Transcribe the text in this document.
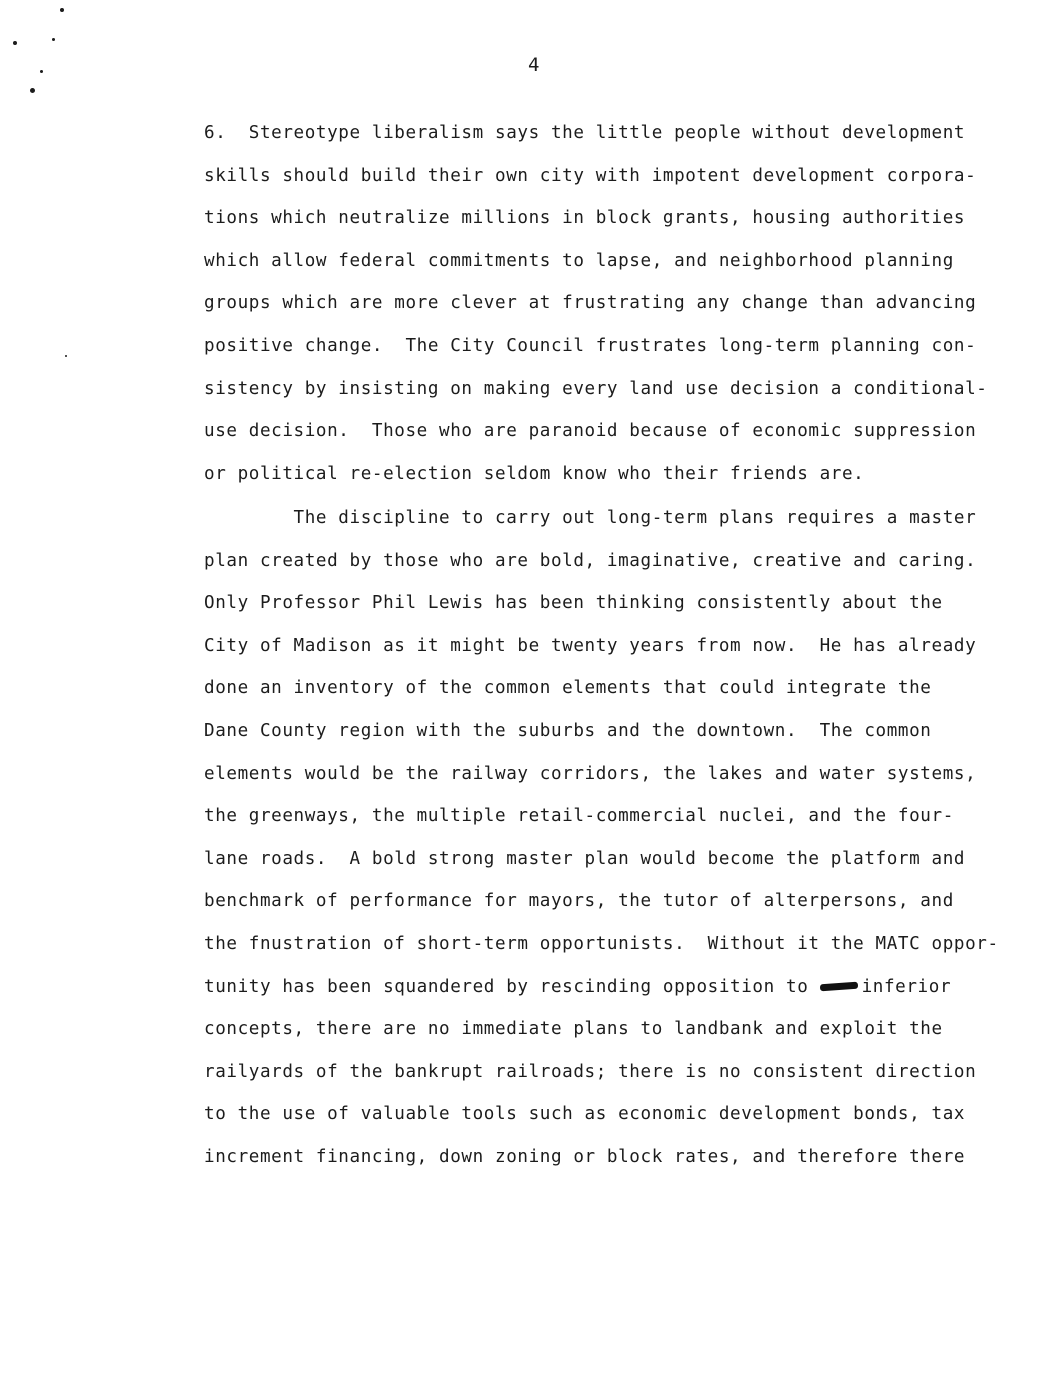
4
6.  Stereotype liberalism says the little people without development
skills should build their own city with impotent development corpora-
tions which neutralize millions in block grants, housing authorities
which allow federal commitments to lapse, and neighborhood planning
groups which are more clever at frustrating any change than advancing
positive change.  The City Council frustrates long-term planning con-
sistency by insisting on making every land use decision a conditional-
use decision.  Those who are paranoid because of economic suppression
or political re-election seldom know who their friends are.
The discipline to carry out long-term plans requires a master
plan created by those who are bold, imaginative, creative and caring.
Only Professor Phil Lewis has been thinking consistently about the
City of Madison as it might be twenty years from now.  He has already
done an inventory of the common elements that could integrate the
Dane County region with the suburbs and the downtown.  The common
elements would be the railway corridors, the lakes and water systems,
the greenways, the multiple retail-commercial nuclei, and the four-
lane roads.  A bold strong master plan would become the platform and
benchmark of performance for mayors, the tutor of alterpersons, and
the fnustration of short-term opportunists.  Without it the MATC oppor-
tunity has been squandered by rescinding opposition to	inferior
concepts, there are no immediate plans to landbank and exploit the
railyards of the bankrupt railroads; there is no consistent direction
to the use of valuable tools such as economic development bonds, tax
increment financing, down zoning or block rates, and therefore there
